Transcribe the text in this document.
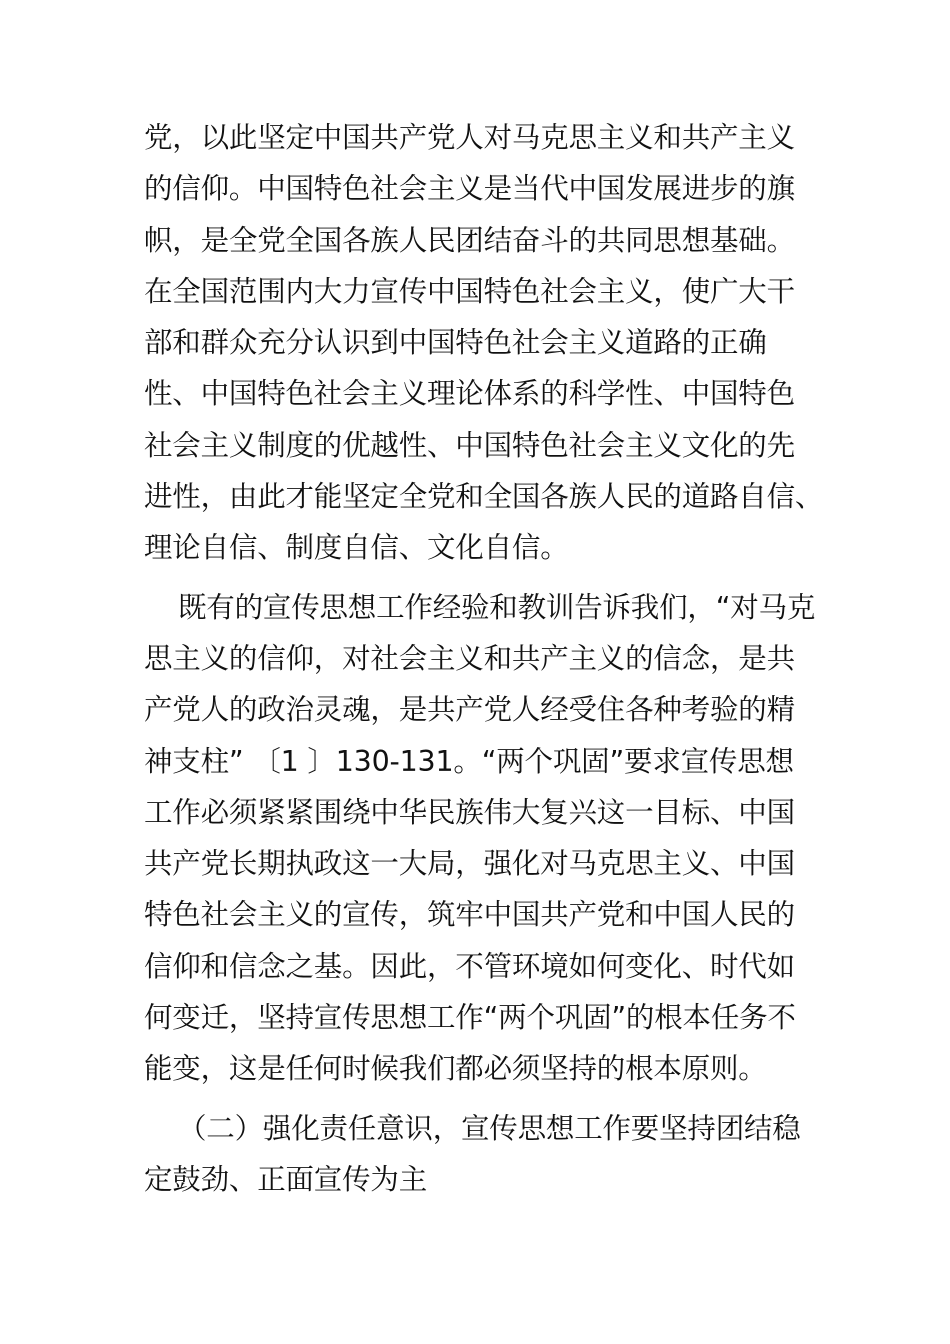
党，以此坚定中国共产党人对马克思主义和共产主义
的信仰。中国特色社会主义是当代中国发展进步的旗
帜，是全党全国各族人民团结奋斗的共同思想基础。
在全国范围内大力宣传中国特色社会主义，使广大干
部和群众充分认识到中国特色社会主义道路的正确
性、中国特色社会主义理论体系的科学性、中国特色
社会主义制度的优越性、中国特色社会主义文化的先
进性，由此才能坚定全党和全国各族人民的道路自信、
理论自信、制度自信、文化自信。
既有的宣传思想工作经验和教训告诉我们，“对马克
思主义的信仰，对社会主义和共产主义的信念，是共
产党人的政治灵魂，是共产党人经受住各种考验的精
神支柱” 〔1 〕130-131。“两个巩固”要求宣传思想
工作必须紧紧围绕中华民族伟大复兴这一目标、中国
共产党长期执政这一大局，强化对马克思主义、中国
特色社会主义的宣传，筑牢中国共产党和中国人民的
信仰和信念之基。因此，不管环境如何变化、时代如
何变迁，坚持宣传思想工作“两个巩固”的根本任务不
能变，这是任何时候我们都必须坚持的根本原则。
（二）强化责任意识，宣传思想工作要坚持团结稳
定鼓劲、正面宣传为主
